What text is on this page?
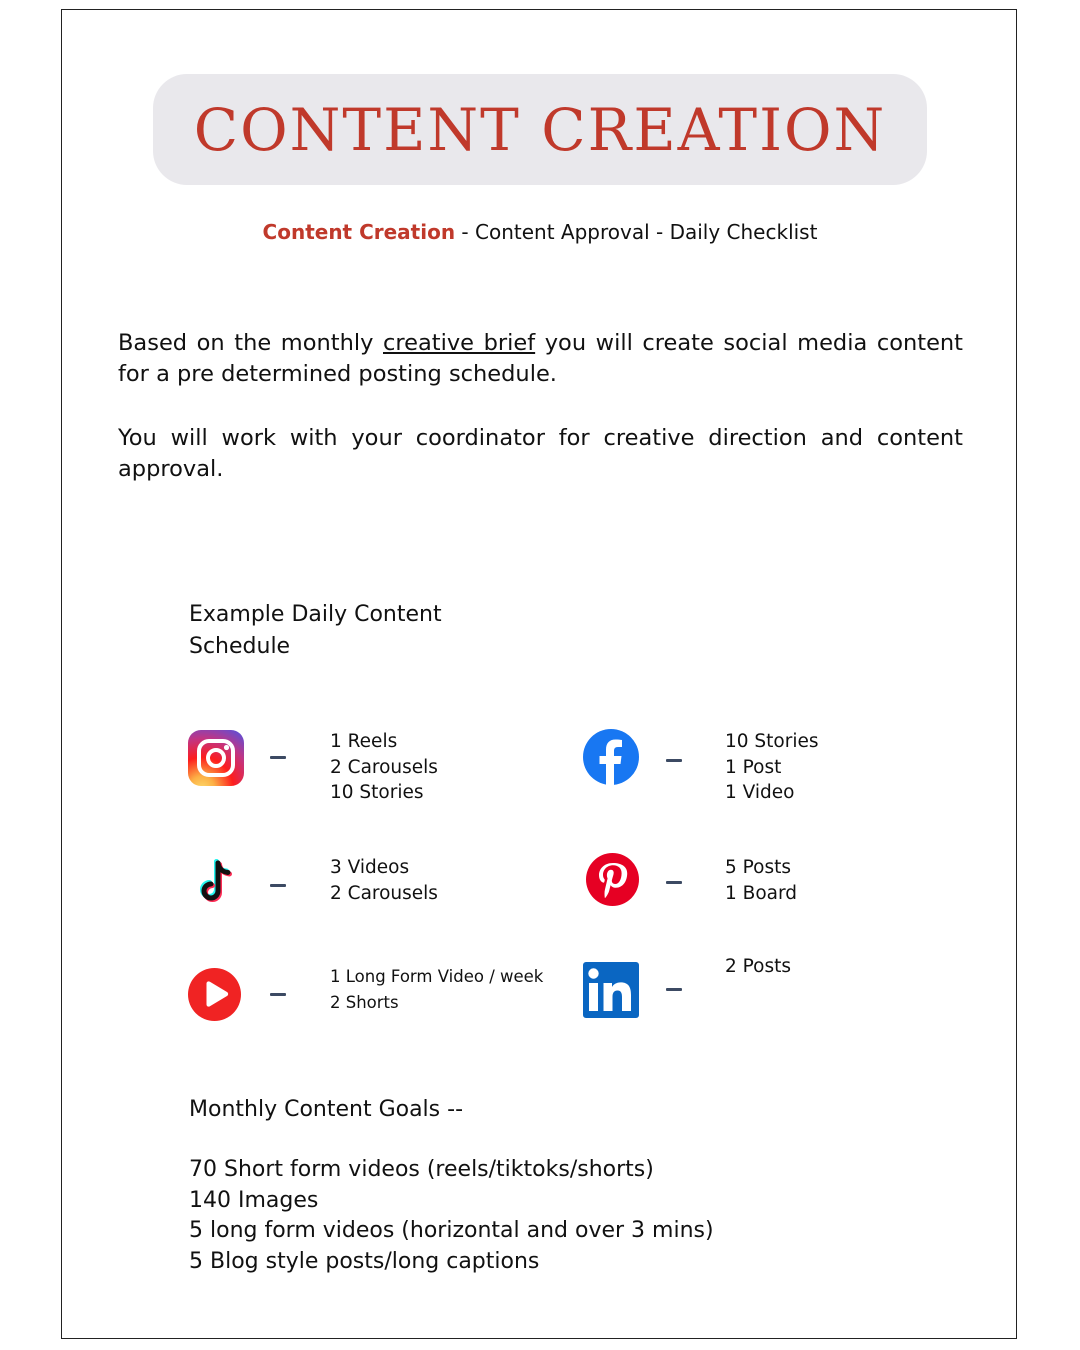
CONTENT CREATION
Content Creation - Content Approval - Daily Checklist

Based on the monthly creative brief you will create social media content for a pre determined posting schedule.

You will work with your coordinator for creative direction and content approval.

Example Daily Content Schedule
1 Reels
2 Carousels
10 Stories
10 Stories
1 Post
1 Video
3 Videos
2 Carousels
5 Posts
1 Board
1 Long Form Video / week
2 Shorts
2 Posts
Monthly Content Goals --
70 Short form videos (reels/tiktoks/shorts)
140 Images
5 long form videos (horizontal and over 3 mins)
5 Blog style posts/long captions
